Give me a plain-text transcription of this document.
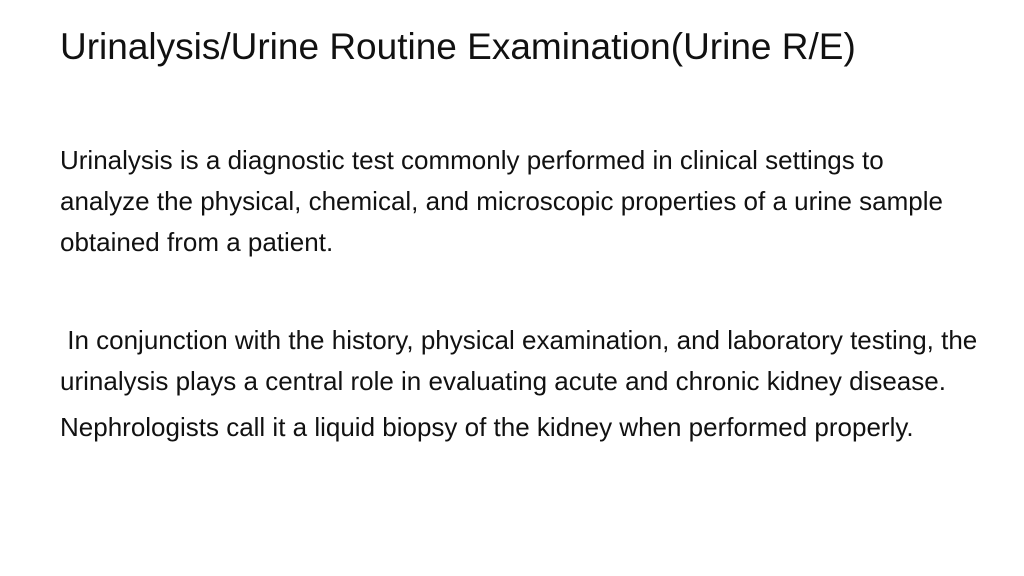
Urinalysis/Urine Routine Examination(Urine R/E)

Urinalysis is a diagnostic test commonly performed in clinical settings to analyze the physical, chemical, and microscopic properties of a urine sample obtained from a patient.

In conjunction with the history, physical examination, and laboratory testing, the urinalysis plays a central role in evaluating acute and chronic kidney disease.

Nephrologists call it a liquid biopsy of the kidney when performed properly.
